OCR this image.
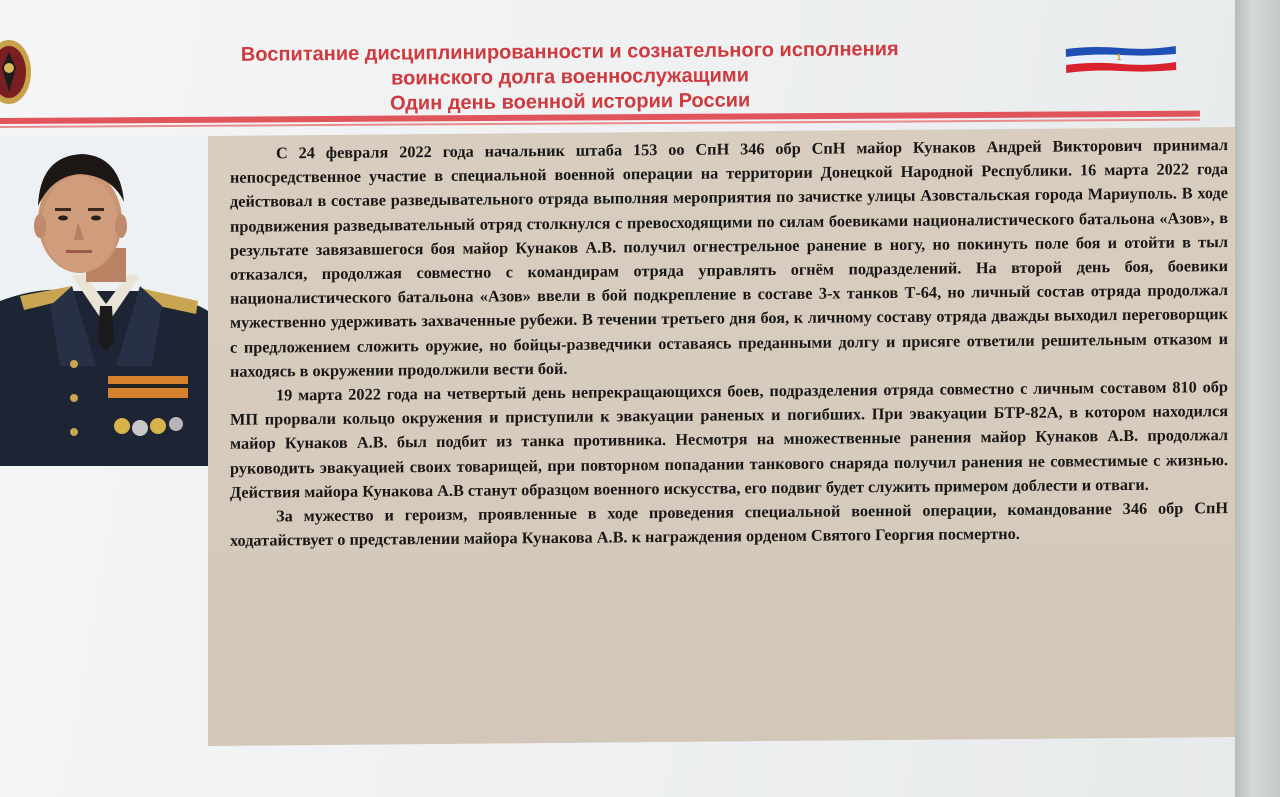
Воспитание дисциплинированности и сознательного исполнения
воинского долга военнослужащими
Один день военной истории России
1

С 24 февраля 2022 года начальник штаба 153 оо СпН 346 обр СпН майор Кунаков Андрей Викторович принимал непосредственное участие в специальной военной операции на территории Донецкой Народной Республики. 16 марта 2022 года действовал в составе разведывательного отряда выполняя мероприятия по зачистке улицы Азовстальская города Мариуполь. В ходе продвижения разведывательный отряд столкнулся с превосходящими по силам боевиками националистического батальона «Азов», в результате завязавшегося боя майор Кунаков А.В. получил огнестрельное ранение в ногу, но покинуть поле боя и отойти в тыл отказался, продолжая совместно с командирам отряда управлять огнём подразделений. На второй день боя, боевики националистического батальона «Азов» ввели в бой подкрепление в составе 3-х танков Т-64, но личный состав отряда продолжал мужественно удерживать захваченные рубежи. В течении третьего дня боя, к личному составу отряда дважды выходил переговорщик с предложением сложить оружие, но бойцы-разведчики оставаясь преданными долгу и присяге ответили решительным отказом и находясь в окружении продолжили вести бой.

19 марта 2022 года на четвертый день непрекращающихся боев, подразделения отряда совместно с личным составом 810 обр МП прорвали кольцо окружения и приступили к эвакуации раненых и погибших. При эвакуации БТР-82А, в котором находился майор Кунаков А.В. был подбит из танка противника. Несмотря на множественные ранения майор Кунаков А.В. продолжал руководить эвакуацией своих товарищей, при повторном попадании танкового снаряда получил ранения не совместимые с жизнью. Действия майора Кунакова А.В станут образцом военного искусства, его подвиг будет служить примером доблести и отваги.

За мужество и героизм, проявленные в ходе проведения специальной военной операции, командование 346 обр СпН ходатайствует о представлении майора Кунакова А.В. к награждения орденом Святого Георгия посмертно.
